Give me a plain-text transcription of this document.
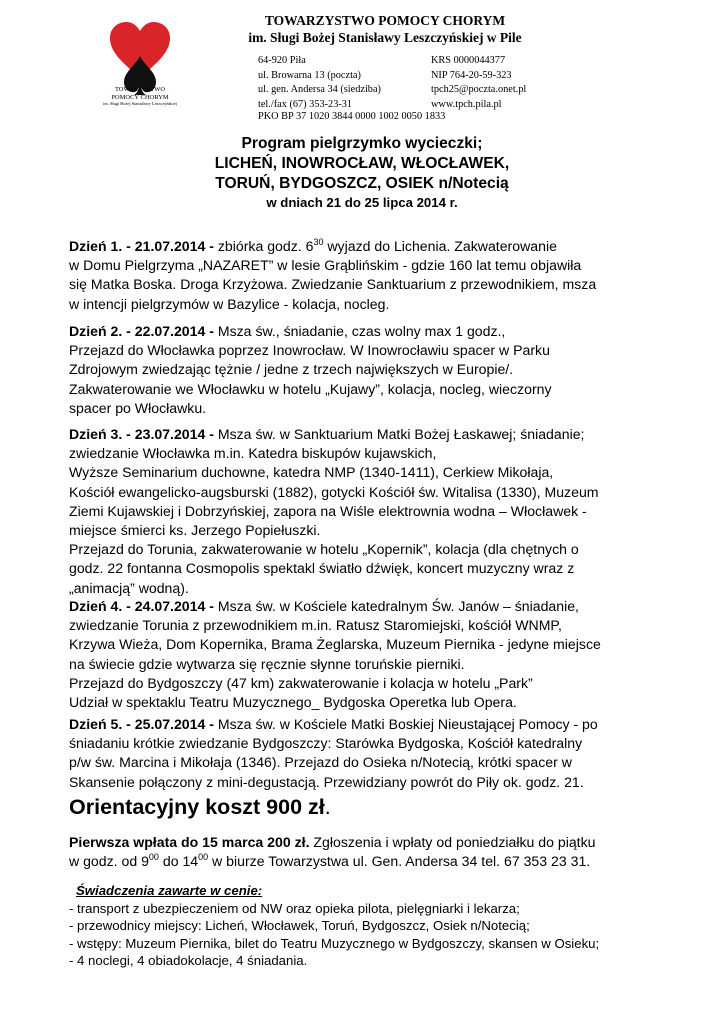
TOWARZYSTWO
POMOCY CHORYM
im. Sługi Bożej Stanisławy Leszczyńskiej
TOWARZYSTWO POMOCY CHORYM
im. Sługi Bożej Stanisławy Leszczyńskiej w Pile
64-920 Piła
ul. Browarna 13 (poczta)
ul. gen. Andersa 34 (siedziba)
tel./fax (67) 353-23-31
KRS 0000044377
NIP 764-20-59-323
tpch25@poczta.onet.pl
www.tpch.pila.pl
PKO BP 37 1020 3844 0000 1002 0050 1833
Program pielgrzymko wycieczki;
LICHEŃ, INOWROCŁAW, WŁOCŁAWEK,
TORUŃ, BYDGOSZCZ, OSIEK n/Notecią
w dniach 21 do 25 lipca 2014 r.
Dzień 1. - 21.07.2014 - zbiórka godz. $6^{30}$ wyjazd do Lichenia. Zakwaterowanie
w Domu Pielgrzyma „NAZARET” w lesie Grąblińskim - gdzie 160 lat temu objawiła
się Matka Boska. Droga Krzyżowa. Zwiedzanie Sanktuarium z przewodnikiem, msza
w intencji pielgrzymów w Bazylice - kolacja, nocleg.
Dzień 2. - 22.07.2014 - Msza św., śniadanie, czas wolny max 1 godz.,
Przejazd do Włocławka poprzez Inowrocław. W Inowrocławiu spacer w Parku
Zdrojowym zwiedzając tężnie / jedne z trzech największych w Europie/.
Zakwaterowanie we Włocławku w hotelu „Kujawy”, kolacja, nocleg, wieczorny
spacer po Włocławku.
Dzień 3. - 23.07.2014 - Msza św. w Sanktuarium Matki Bożej Łaskawej; śniadanie;
zwiedzanie Włocławka m.in. Katedra biskupów kujawskich,
Wyższe Seminarium duchowne, katedra NMP (1340-1411), Cerkiew Mikołaja,
Kościół ewangelicko-augsburski (1882), gotycki Kościół św. Witalisa (1330), Muzeum
Ziemi Kujawskiej i Dobrzyńskiej, zapora na Wiśle elektrownia wodna – Włocławek -
miejsce śmierci ks. Jerzego Popiełuszki.
Przejazd do Torunia, zakwaterowanie w hotelu „Kopernik”, kolacja (dla chętnych o
godz. 22 fontanna Cosmopolis spektakl światło dźwięk, koncert muzyczny wraz z
„animacją” wodną).
Dzień 4. - 24.07.2014 - Msza św. w Kościele katedralnym Św. Janów – śniadanie,
zwiedzanie Torunia z przewodnikiem m.in. Ratusz Staromiejski, kościół WNMP,
Krzywa Wieża, Dom Kopernika, Brama Żeglarska, Muzeum Piernika - jedyne miejsce
na świecie gdzie wytwarza się ręcznie słynne toruńskie pierniki.
Przejazd do Bydgoszczy (47 km) zakwaterowanie i kolacja w hotelu „Park”
Udział w spektaklu Teatru Muzycznego_ Bydgoska Operetka lub Opera.
Dzień 5. - 25.07.2014 - Msza św. w Kościele Matki Boskiej Nieustającej Pomocy - po
śniadaniu krótkie zwiedzanie Bydgoszczy: Starówka Bydgoska, Kościół katedralny
p/w św. Marcina i Mikołaja (1346). Przejazd do Osieka n/Notecią, krótki spacer w
Skansenie połączony z mini-degustacją. Przewidziany powrót do Piły ok. godz. 21.
Orientacyjny koszt 900 zł.
Pierwsza wpłata do 15 marca 200 zł. Zgłoszenia i wpłaty od poniedziałku do piątku
w godz. od $9^{00}$ do $14^{00}$ w biurze Towarzystwa ul. Gen. Andersa 34 tel. 67 353 23 31.
Świadczenia zawarte w cenie:
- transport z ubezpieczeniem od NW oraz opieka pilota, pielęgniarki i lekarza;
- przewodnicy miejscy: Licheń, Włocławek, Toruń, Bydgoszcz, Osiek n/Notecią;
- wstępy: Muzeum Piernika, bilet do Teatru Muzycznego w Bydgoszczy, skansen w Osieku;
- 4 noclegi, 4 obiadokolacje, 4 śniadania.
